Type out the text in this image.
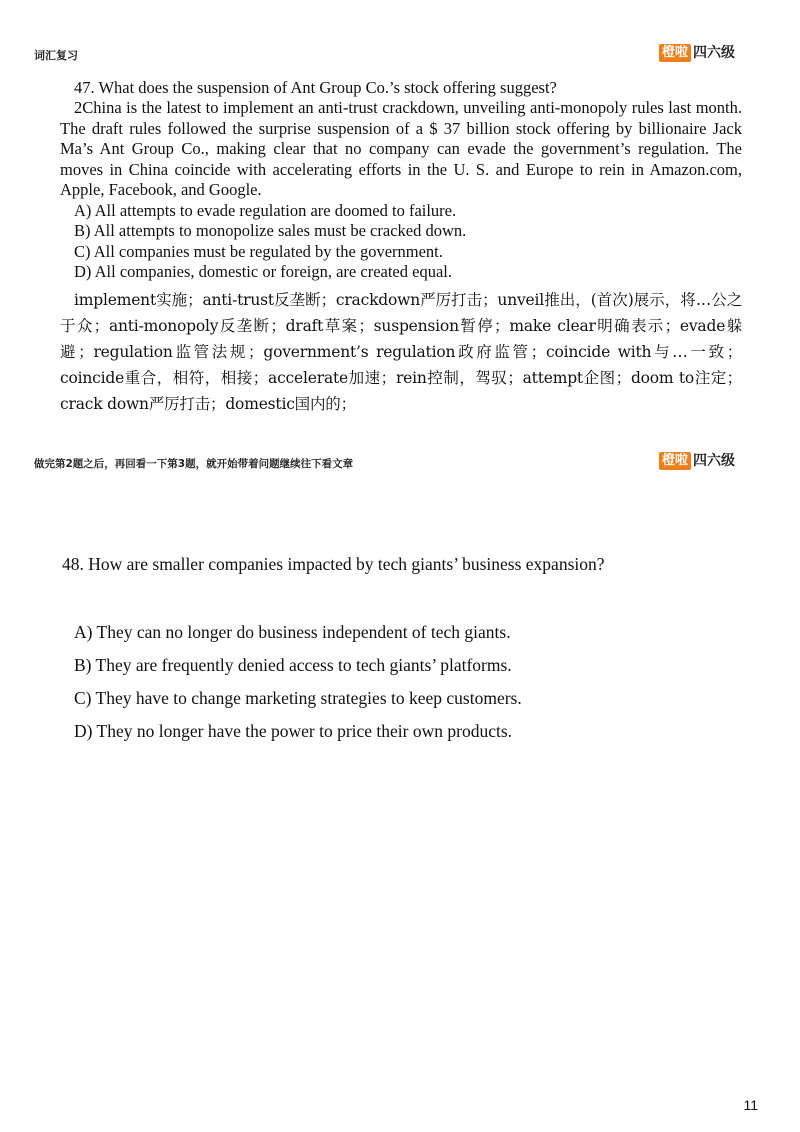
词汇复习	橙啦 四六级

47. What does the suspension of Ant Group Co.’s stock offering suggest?

2China is the latest to implement an anti-trust crackdown, unveiling anti-monopoly rules last month. The draft rules followed the surprise suspension of a $ 37 billion stock offering by billionaire Jack Ma’s Ant Group Co., making clear that no company can evade the government’s regulation. The moves in China coincide with accelerating efforts in the U. S. and Europe to rein in Amazon.com, Apple, Facebook, and Google.

A) All attempts to evade regulation are doomed to failure.

B) All attempts to monopolize sales must be cracked down.

C) All companies must be regulated by the government.

D) All companies, domestic or foreign, are created equal.

implement实施；anti-trust反垄断；crackdown严厉打击；unveil推出，(首次)展示，将…公之于众；anti-monopoly反垄断；draft草案；suspension暂停；make clear明确表示；evade躲避；regulation监管法规；government’s regulation政府监管；coincide with与…一致；coincide重合，相符，相接；accelerate加速；rein控制，驾驭；attempt企图；doom to注定；crack down严厉打击；domestic国内的；
做完第2题之后，再回看一下第3题，就开始带着问题继续往下看文章	橙啦 四六级
48. How are smaller companies impacted by tech giants’ business expansion?
A) They can no longer do business independent of tech giants.
B) They are frequently denied access to tech giants’ platforms.
C) They have to change marketing strategies to keep customers.
D) They no longer have the power to price their own products.
11
